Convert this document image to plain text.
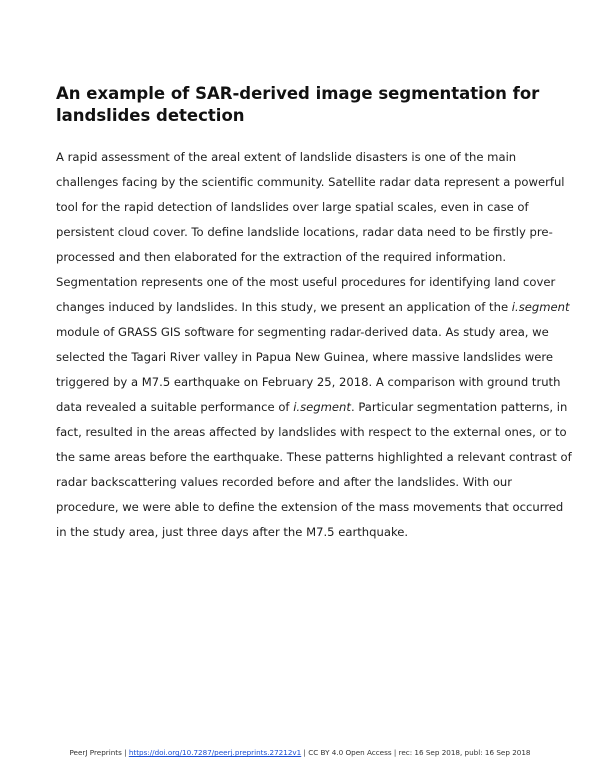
An example of SAR-derived image segmentation for landslides detection

A rapid assessment of the areal extent of landslide disasters is one of the main challenges facing by the scientific community. Satellite radar data represent a powerful tool for the rapid detection of landslides over large spatial scales, even in case of persistent cloud cover. To define landslide locations, radar data need to be firstly pre-processed and then elaborated for the extraction of the required information. Segmentation represents one of the most useful procedures for identifying land cover changes induced by landslides. In this study, we present an application of the i.segment module of GRASS GIS software for segmenting radar-derived data. As study area, we selected the Tagari River valley in Papua New Guinea, where massive landslides were triggered by a M7.5 earthquake on February 25, 2018. A comparison with ground truth data revealed a suitable performance of i.segment. Particular segmentation patterns, in fact, resulted in the areas affected by landslides with respect to the external ones, or to the same areas before the earthquake. These patterns highlighted a relevant contrast of radar backscattering values recorded before and after the landslides. With our procedure, we were able to define the extension of the mass movements that occurred in the study area, just three days after the M7.5 earthquake.

PeerJ Preprints | https://doi.org/10.7287/peerj.preprints.27212v1 | CC BY 4.0 Open Access | rec: 16 Sep 2018, publ: 16 Sep 2018
